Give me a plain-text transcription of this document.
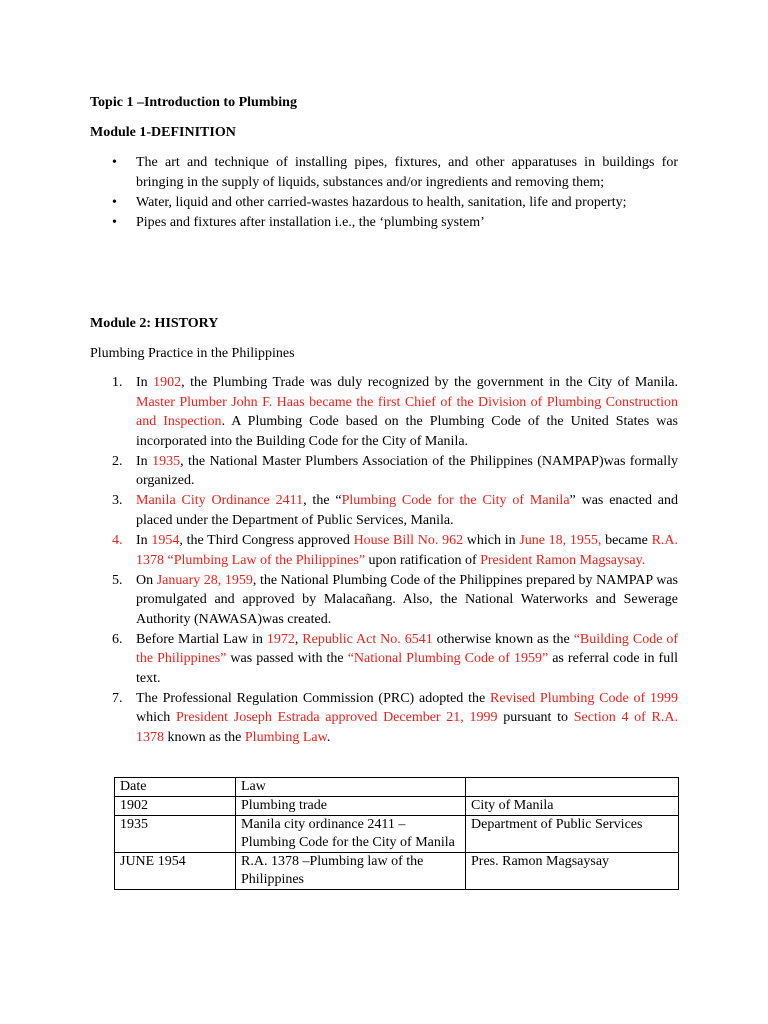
Topic 1 –Introduction to Plumbing
Module 1-DEFINITION
• The art and technique of installing pipes, fixtures, and other apparatuses in buildings for bringing in the supply of liquids, substances and/or ingredients and removing them;
• Water, liquid and other carried-wastes hazardous to health, sanitation, life and property;
• Pipes and fixtures after installation i.e., the ‘plumbing system’
Module 2: HISTORY
Plumbing Practice in the Philippines
1. In 1902, the Plumbing Trade was duly recognized by the government in the City of Manila. Master Plumber John F. Haas became the first Chief of the Division of Plumbing Construction and Inspection. A Plumbing Code based on the Plumbing Code of the United States was incorporated into the Building Code for the City of Manila.
2. In 1935, the National Master Plumbers Association of the Philippines (NAMPAP)was formally organized.
3. Manila City Ordinance 2411, the “Plumbing Code for the City of Manila” was enacted and placed under the Department of Public Services, Manila.
4. In 1954, the Third Congress approved House Bill No. 962 which in June 18, 1955, became R.A. 1378 “Plumbing Law of the Philippines” upon ratification of President Ramon Magsaysay.
5. On January 28, 1959, the National Plumbing Code of the Philippines prepared by NAMPAP was promulgated and approved by Malacañang. Also, the National Waterworks and Sewerage Authority (NAWASA)was created.
6. Before Martial Law in 1972, Republic Act No. 6541 otherwise known as the “Building Code of the Philippines” was passed with the “National Plumbing Code of 1959” as referral code in full text.
7. The Professional Regulation Commission (PRC) adopted the Revised Plumbing Code of 1999 which President Joseph Estrada approved December 21, 1999 pursuant to Section 4 of R.A. 1378 known as the Plumbing Law.
Date	Law	
1902	Plumbing trade	City of Manila
1935	Manila city ordinance 2411 – Plumbing Code for the City of Manila	Department of Public Services
JUNE 1954	R.A. 1378 –Plumbing law of the Philippines	Pres. Ramon Magsaysay
